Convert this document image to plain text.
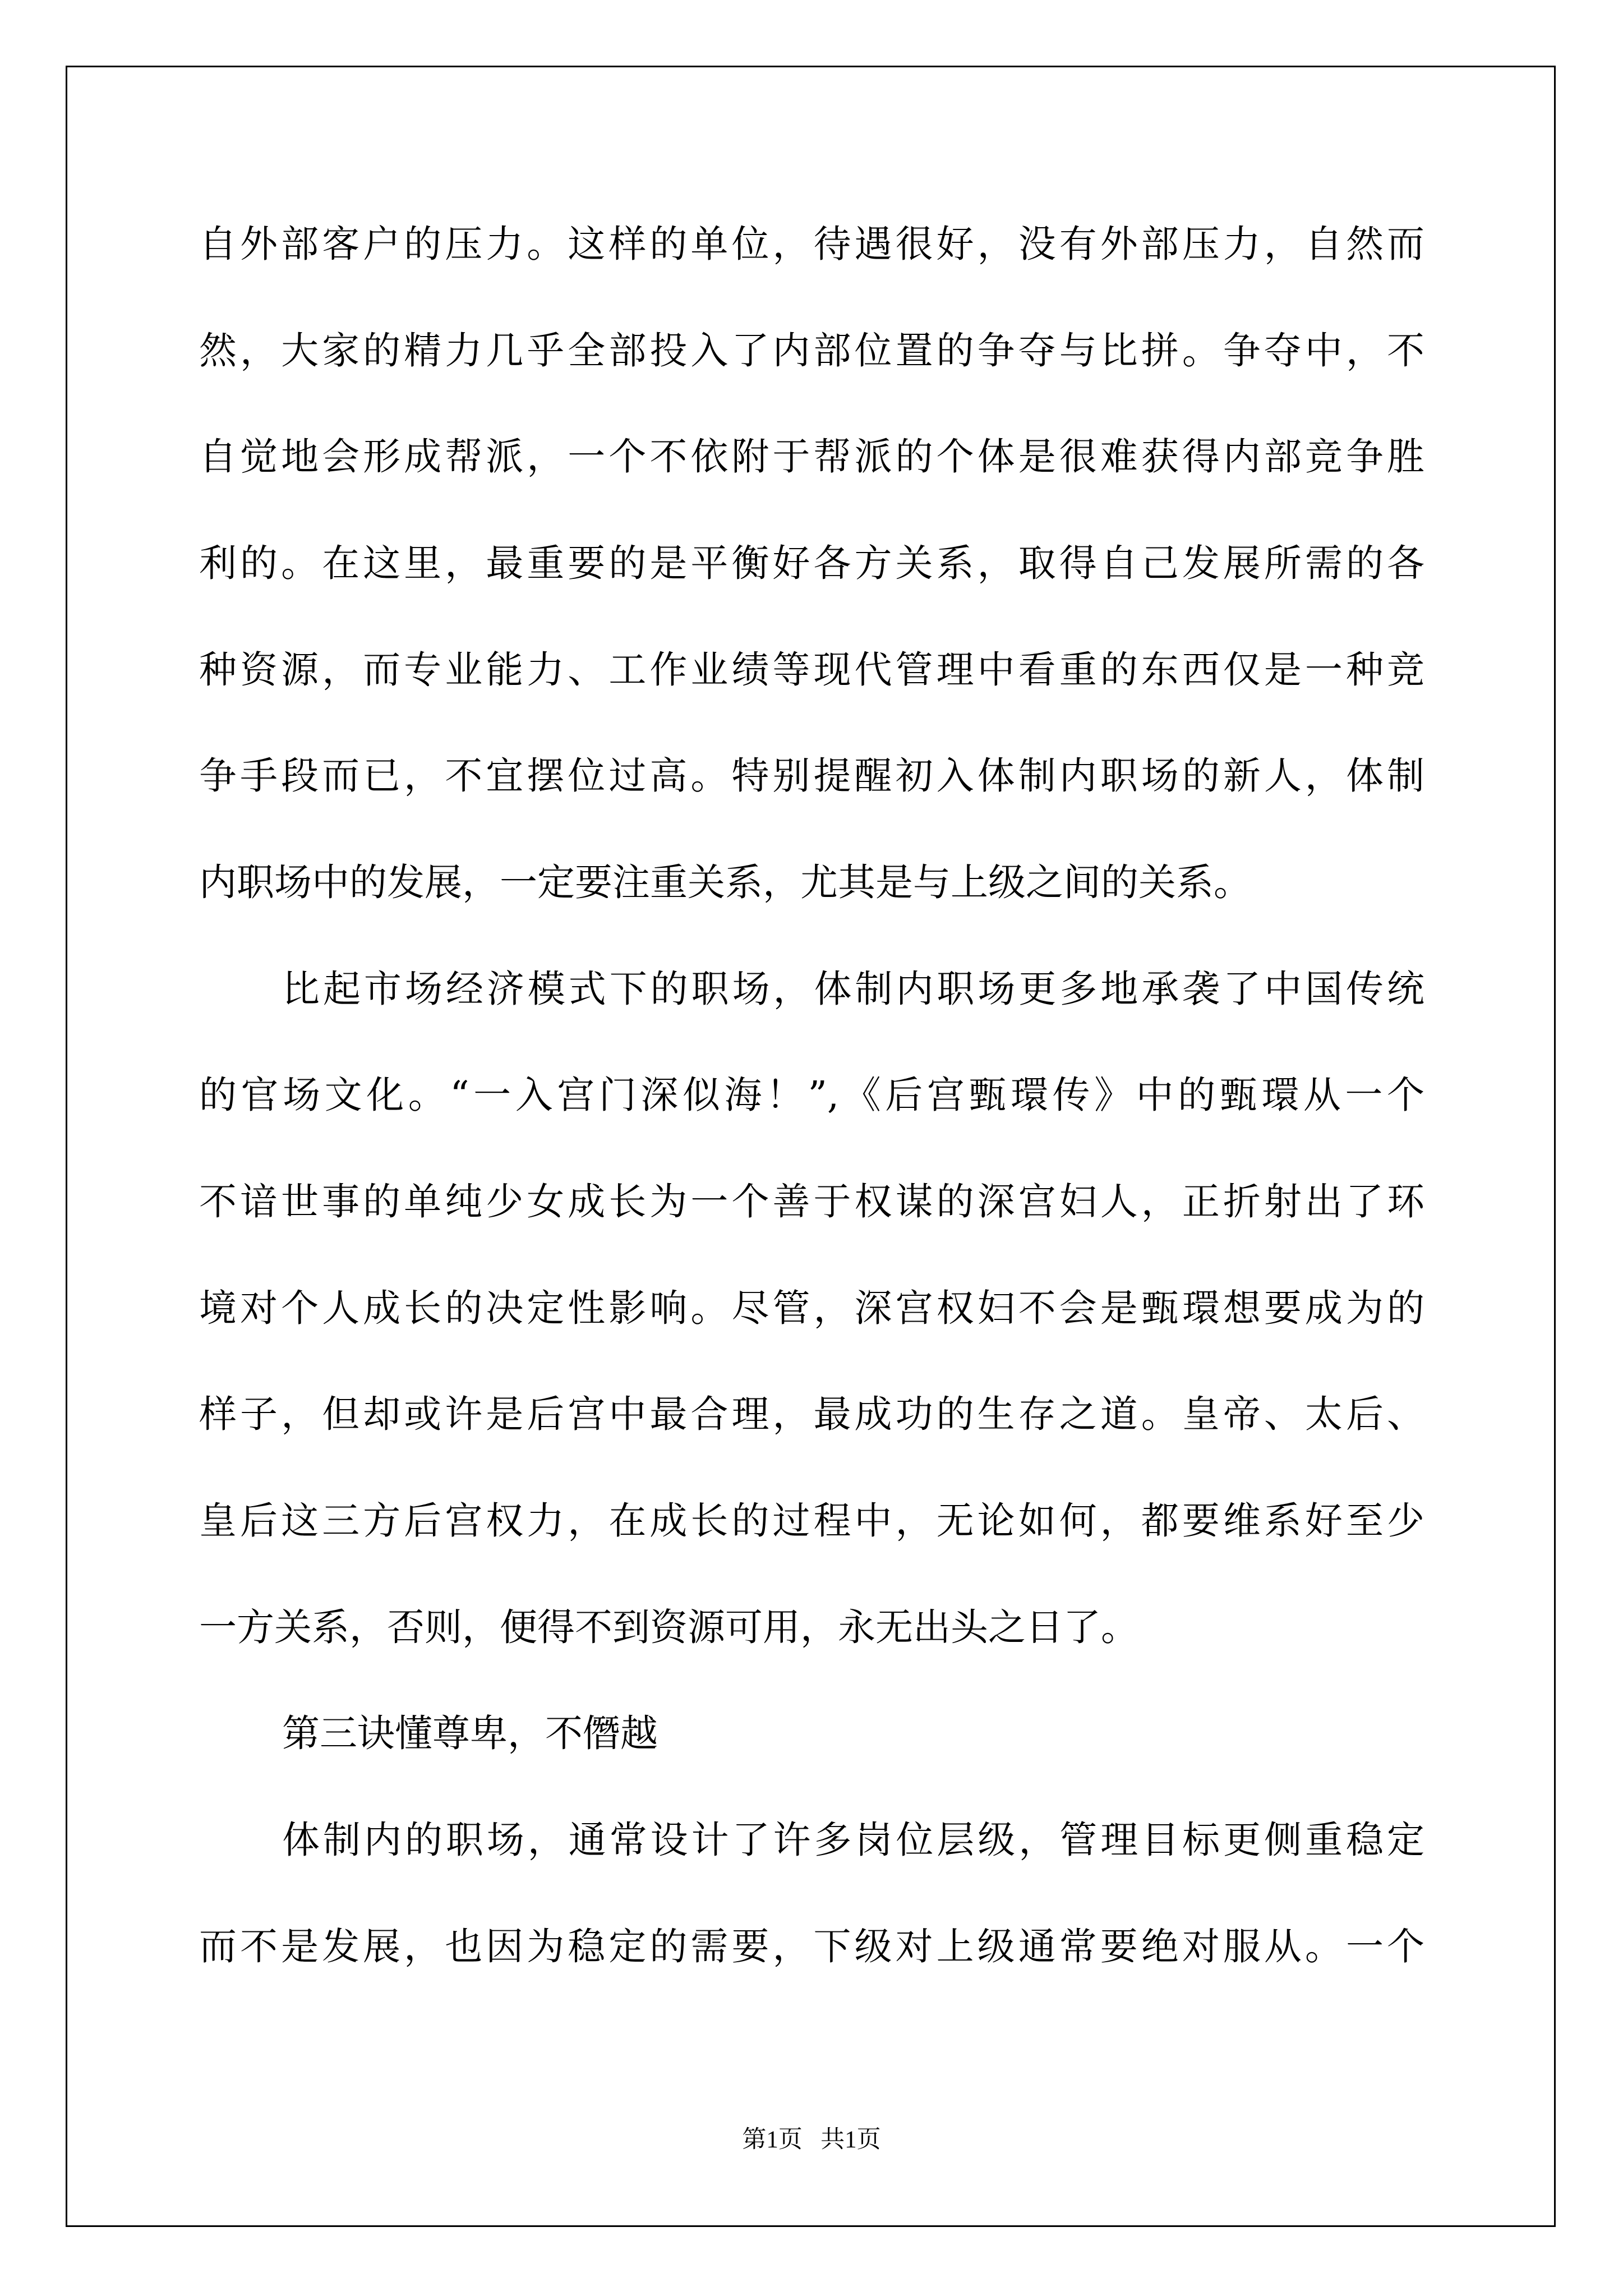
自外部客户的压力。这样的单位，待遇很好，没有外部压力，自然而
然，大家的精力几乎全部投入了内部位置的争夺与比拼。争夺中，不
自觉地会形成帮派，一个不依附于帮派的个体是很难获得内部竞争胜
利的。在这里，最重要的是平衡好各方关系，取得自己发展所需的各
种资源，而专业能力、工作业绩等现代管理中看重的东西仅是一种竞
争手段而已，不宜摆位过高。特别提醒初入体制内职场的新人，体制
内职场中的发展，一定要注重关系，尤其是与上级之间的关系。
比起市场经济模式下的职场，体制内职场更多地承袭了中国传统
的官场文化。“一入宫门深似海！”,《后宫甄環传》中的甄環从一个
不谙世事的单纯少女成长为一个善于权谋的深宫妇人，正折射出了环
境对个人成长的决定性影响。尽管，深宫权妇不会是甄環想要成为的
样子，但却或许是后宫中最合理，最成功的生存之道。皇帝、太后、
皇后这三方后宫权力，在成长的过程中，无论如何，都要维系好至少
一方关系，否则，便得不到资源可用，永无出头之日了。
第三诀懂尊卑，不僭越
体制内的职场，通常设计了许多岗位层级，管理目标更侧重稳定
而不是发展，也因为稳定的需要，下级对上级通常要绝对服从。一个
第1页   共1页
